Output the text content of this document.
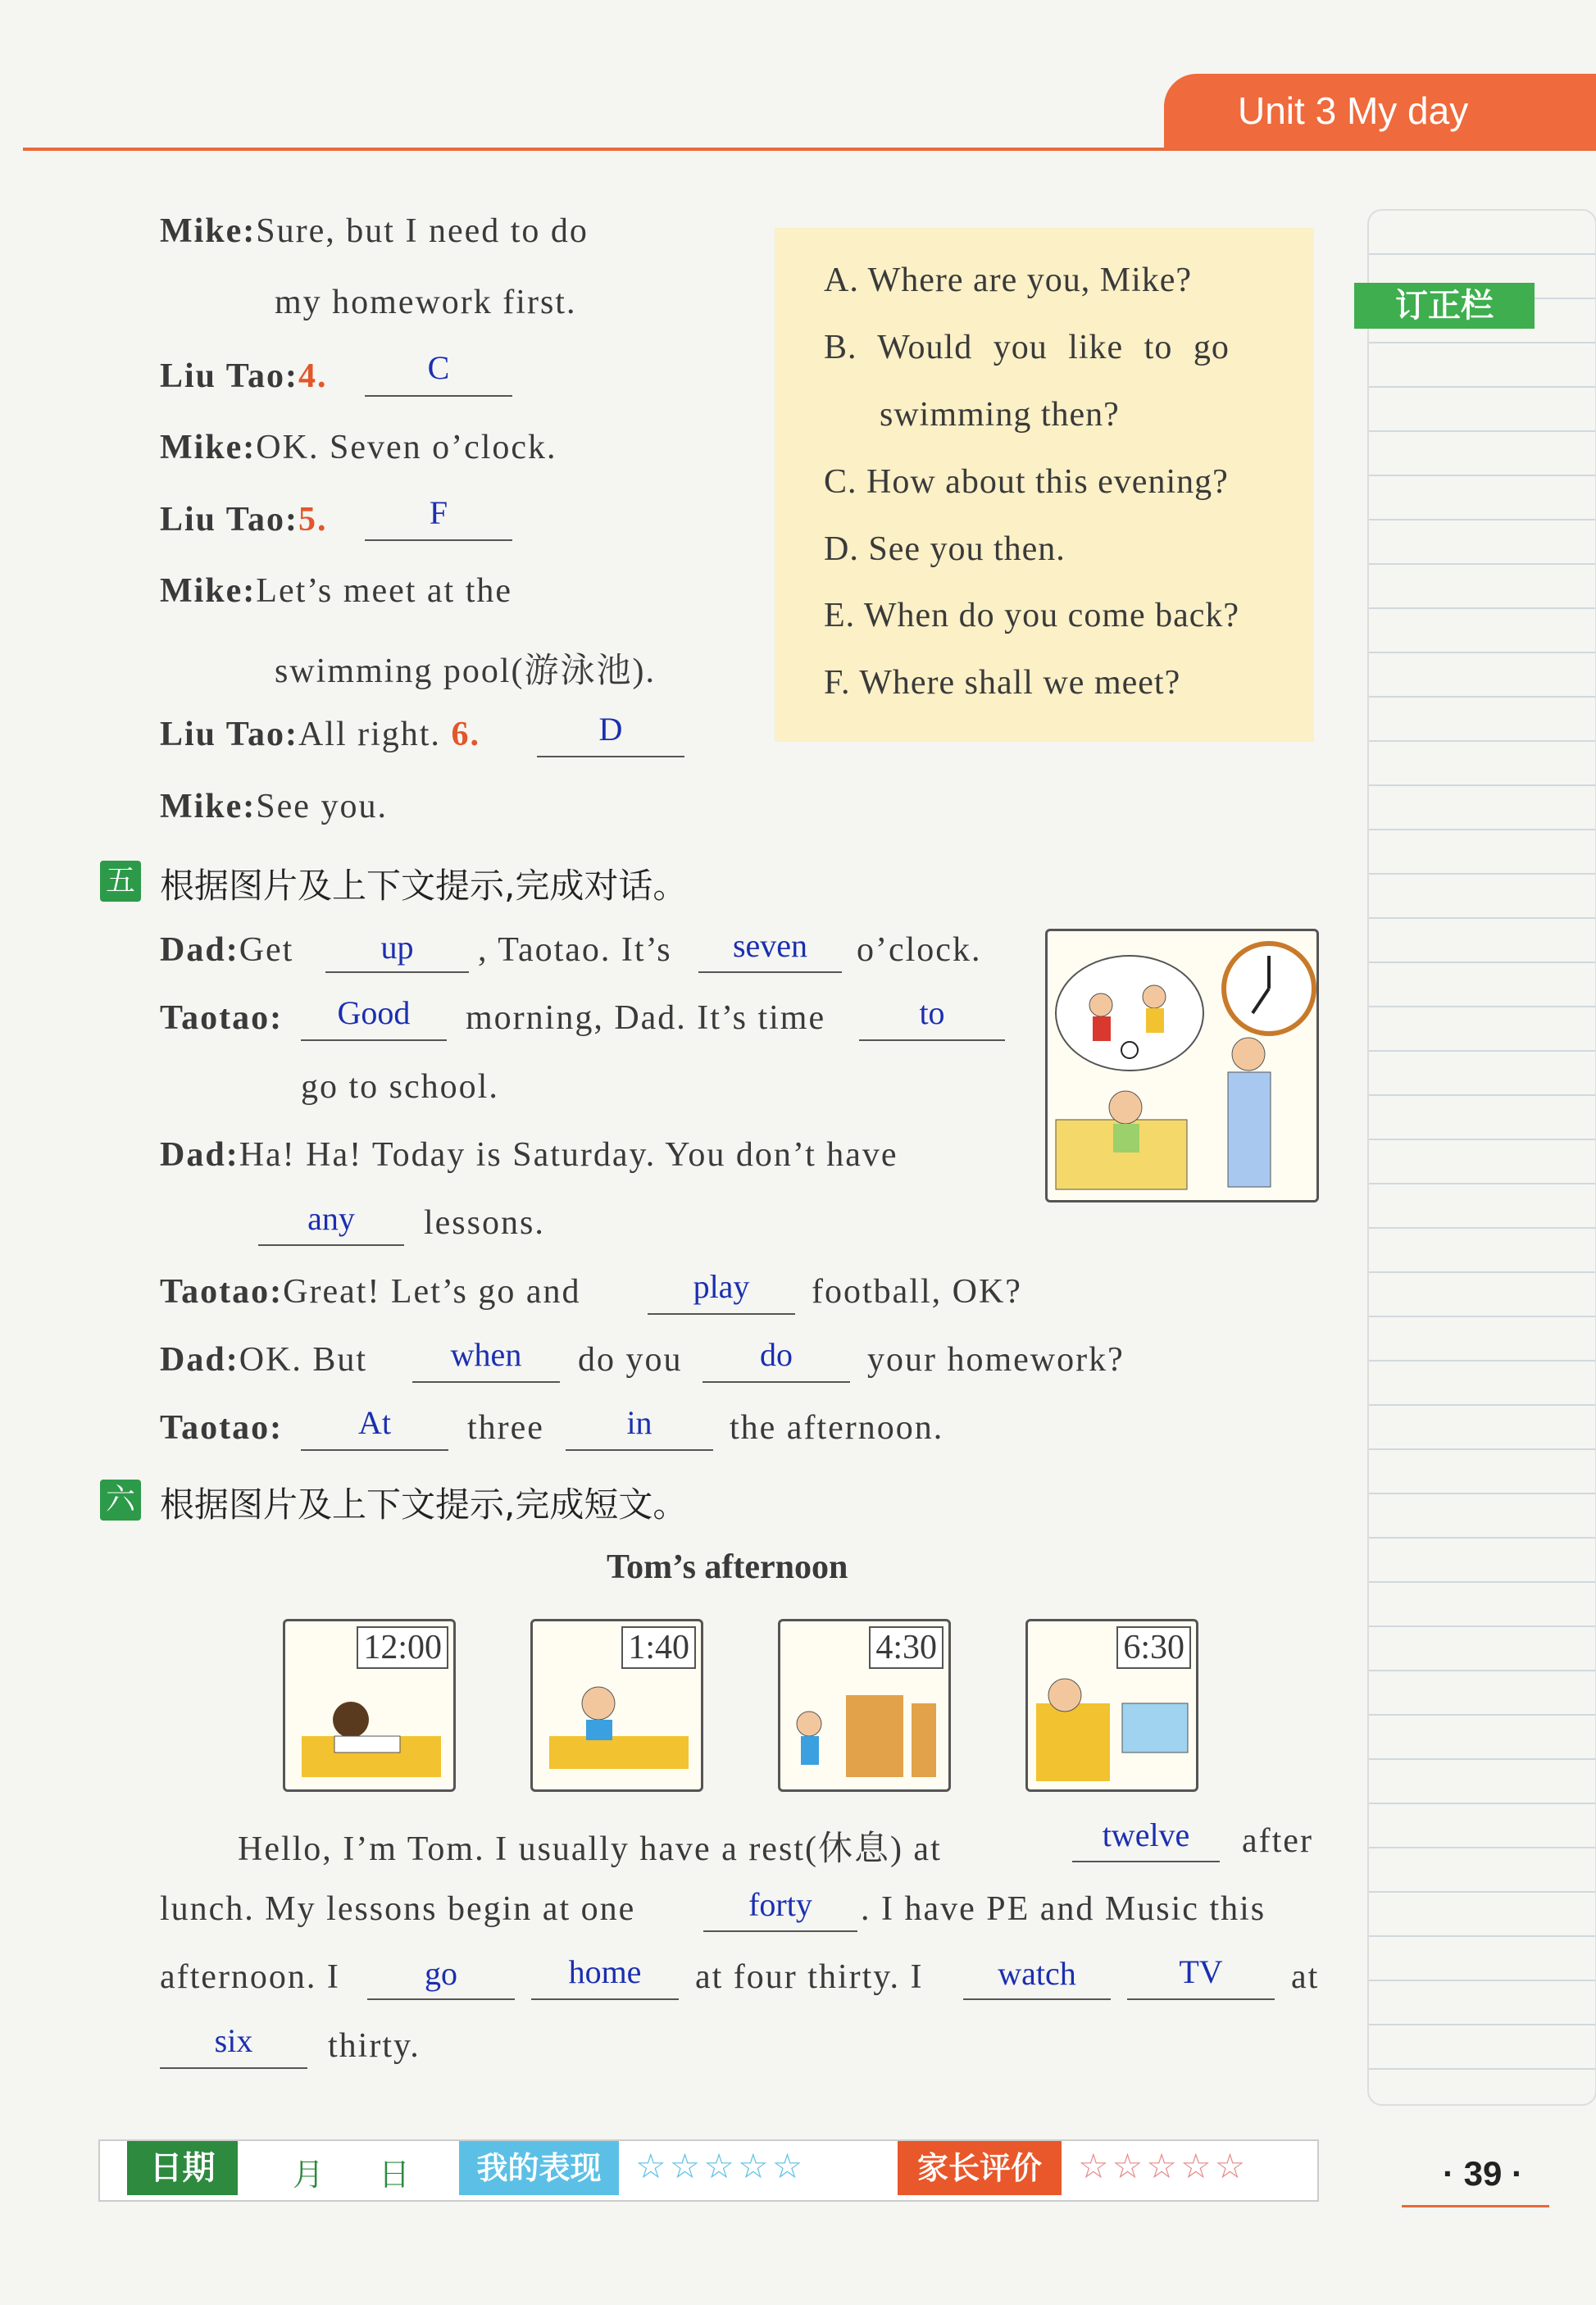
Unit 3 My day
订正栏
A. Where are you, Mike?
B. Would you like to go
swimming then?
C. How about this evening?
D. See you then.
E. When do you come back?
F. Where shall we meet?
Mike:Sure, but I need to do
my homework first.
Liu Tao:4.	C
Mike:OK. Seven o’clock.
Liu Tao:5.	F
Mike:Let’s meet at the
swimming pool(游泳池).
Liu Tao:All right. 6.	D
Mike:See you.
五 根据图片及上下文提示,完成对话。
Dad:Get	up	, Taotao. It’s	seven	o’clock.
Taotao:	Good	morning, Dad. It’s time	to
go to school.
Dad:Ha! Ha! Today is Saturday. You don’t have
any	lessons.
Taotao:Great! Let’s go and	play	football, OK?
Dad:OK. But	when	do you	do	your homework?
Taotao:	At	three	in	the afternoon.
六 根据图片及上下文提示,完成短文。
Tom’s afternoon
12:00	1:40	4:30	6:30
Hello, I’m Tom. I usually have a rest(休息) at	twelve	after
lunch. My lessons begin at one	forty	. I have PE and Music this
afternoon. I	go	home	at four thirty. I	watch	TV	at
six	thirty.
日期	月 日	我的表现 ☆☆☆☆☆	家长评价	☆☆☆☆☆	· 39 ·
